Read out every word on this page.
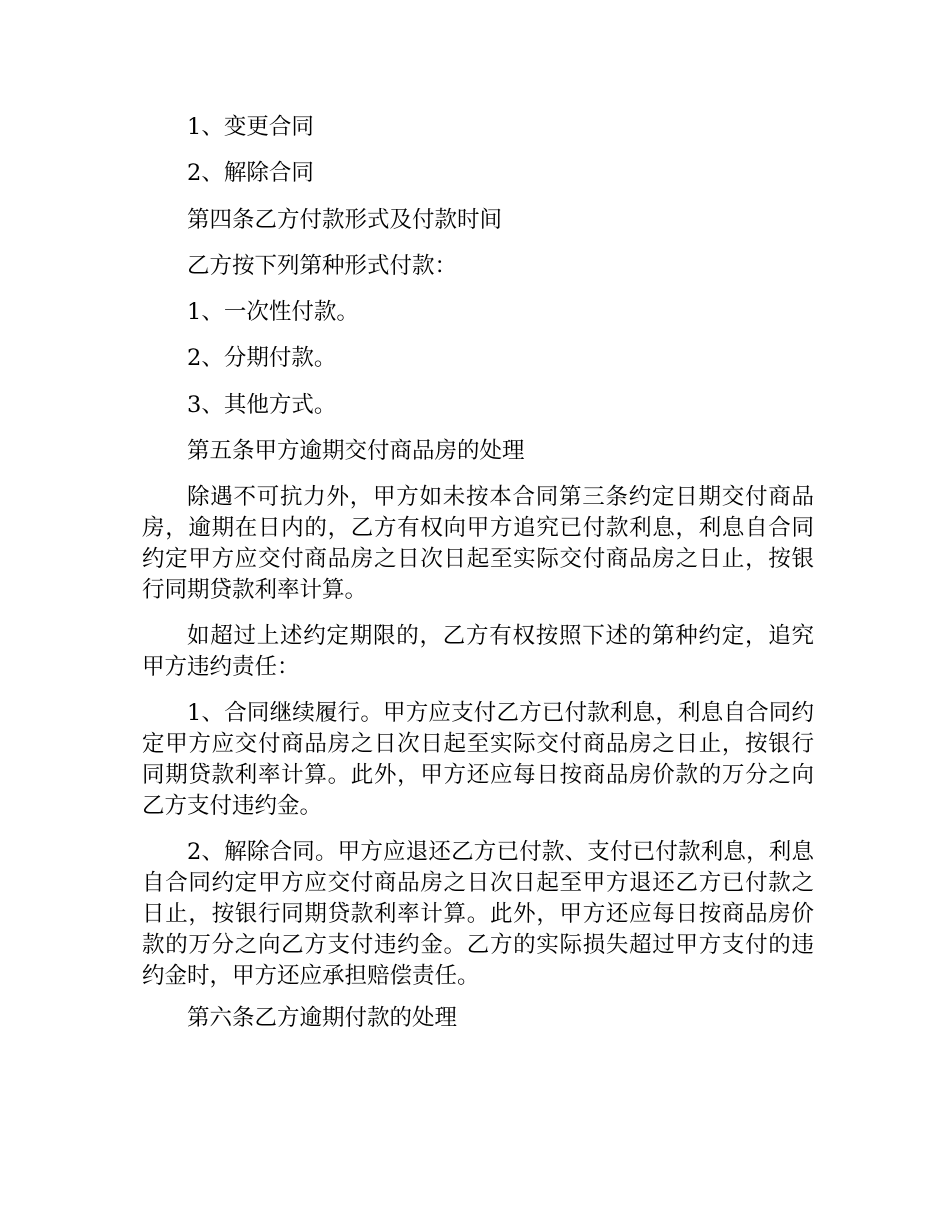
1、变更合同

2、解除合同

第四条乙方付款形式及付款时间

乙方按下列第种形式付款：

1、一次性付款。

2、分期付款。

3、其他方式。

第五条甲方逾期交付商品房的处理

除遇不可抗力外，甲方如未按本合同第三条约定日期交付商品房，逾期在日内的，乙方有权向甲方追究已付款利息，利息自合同约定甲方应交付商品房之日次日起至实际交付商品房之日止，按银行同期贷款利率计算。

如超过上述约定期限的，乙方有权按照下述的第种约定，追究甲方违约责任：

1、合同继续履行。甲方应支付乙方已付款利息，利息自合同约定甲方应交付商品房之日次日起至实际交付商品房之日止，按银行同期贷款利率计算。此外，甲方还应每日按商品房价款的万分之向乙方支付违约金。

2、解除合同。甲方应退还乙方已付款、支付已付款利息，利息自合同约定甲方应交付商品房之日次日起至甲方退还乙方已付款之日止，按银行同期贷款利率计算。此外，甲方还应每日按商品房价款的万分之向乙方支付违约金。乙方的实际损失超过甲方支付的违约金时，甲方还应承担赔偿责任。

第六条乙方逾期付款的处理
